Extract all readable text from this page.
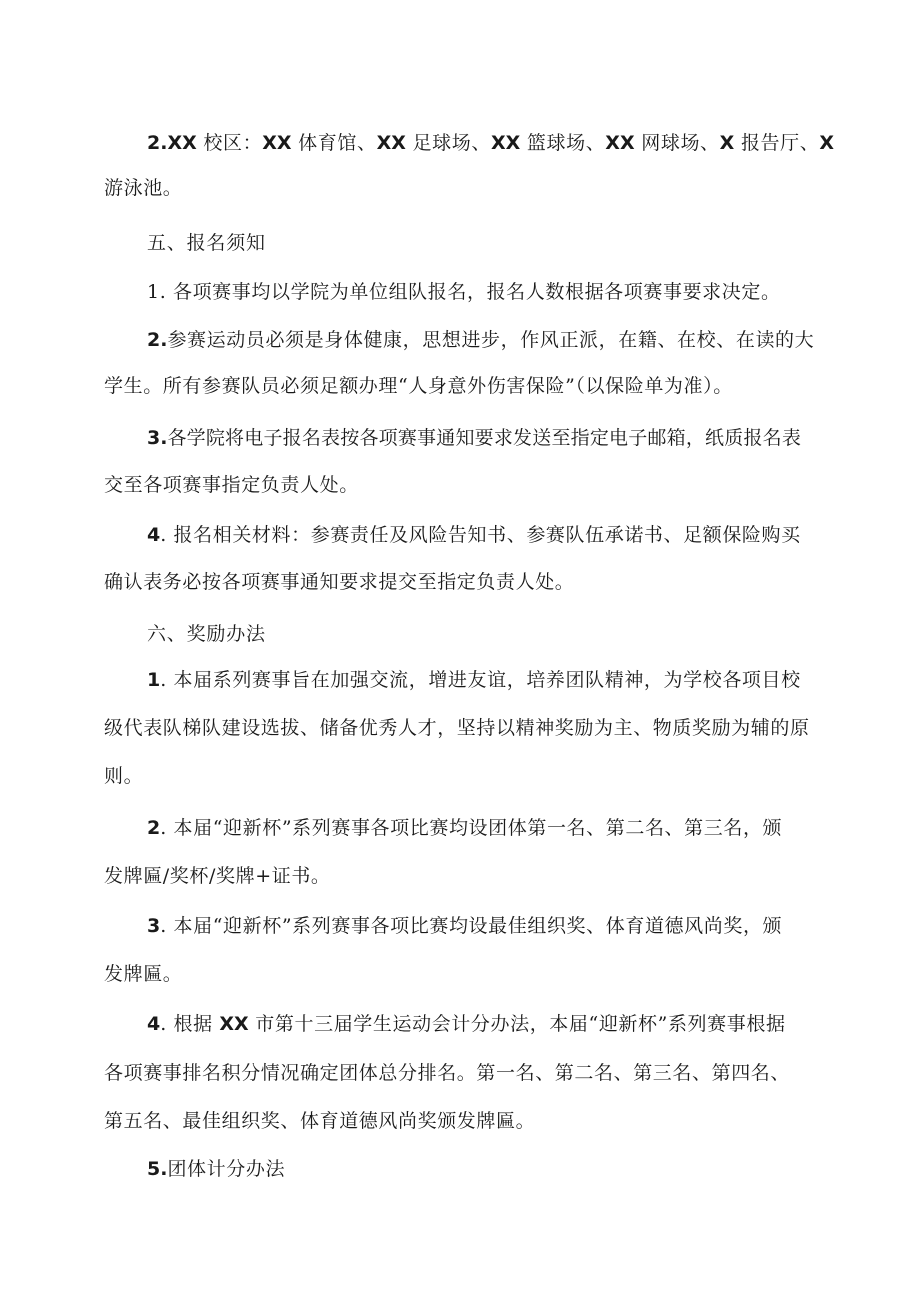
2.XX 校区：XX 体育馆、XX 足球场、XX 篮球场、XX 网球场、X 报告厅、X
游泳池。
五、报名须知
1. 各项赛事均以学院为单位组队报名，报名人数根据各项赛事要求决定。
2.参赛运动员必须是身体健康，思想进步，作风正派，在籍、在校、在读的大
学生。所有参赛队员必须足额办理“人身意外伤害保险”（以保险单为准）。
3.各学院将电子报名表按各项赛事通知要求发送至指定电子邮箱，纸质报名表
交至各项赛事指定负责人处。
4. 报名相关材料：参赛责任及风险告知书、参赛队伍承诺书、足额保险购买
确认表务必按各项赛事通知要求提交至指定负责人处。
六、奖励办法
1. 本届系列赛事旨在加强交流，增进友谊，培养团队精神，为学校各项目校
级代表队梯队建设选拔、储备优秀人才，坚持以精神奖励为主、物质奖励为辅的原
则。
2. 本届“迎新杯”系列赛事各项比赛均设团体第一名、第二名、第三名，颁
发牌匾/奖杯/奖牌+证书。
3. 本届“迎新杯”系列赛事各项比赛均设最佳组织奖、体育道德风尚奖，颁
发牌匾。
4. 根据 XX 市第十三届学生运动会计分办法，本届“迎新杯”系列赛事根据
各项赛事排名积分情况确定团体总分排名。第一名、第二名、第三名、第四名、
第五名、最佳组织奖、体育道德风尚奖颁发牌匾。
5.团体计分办法
